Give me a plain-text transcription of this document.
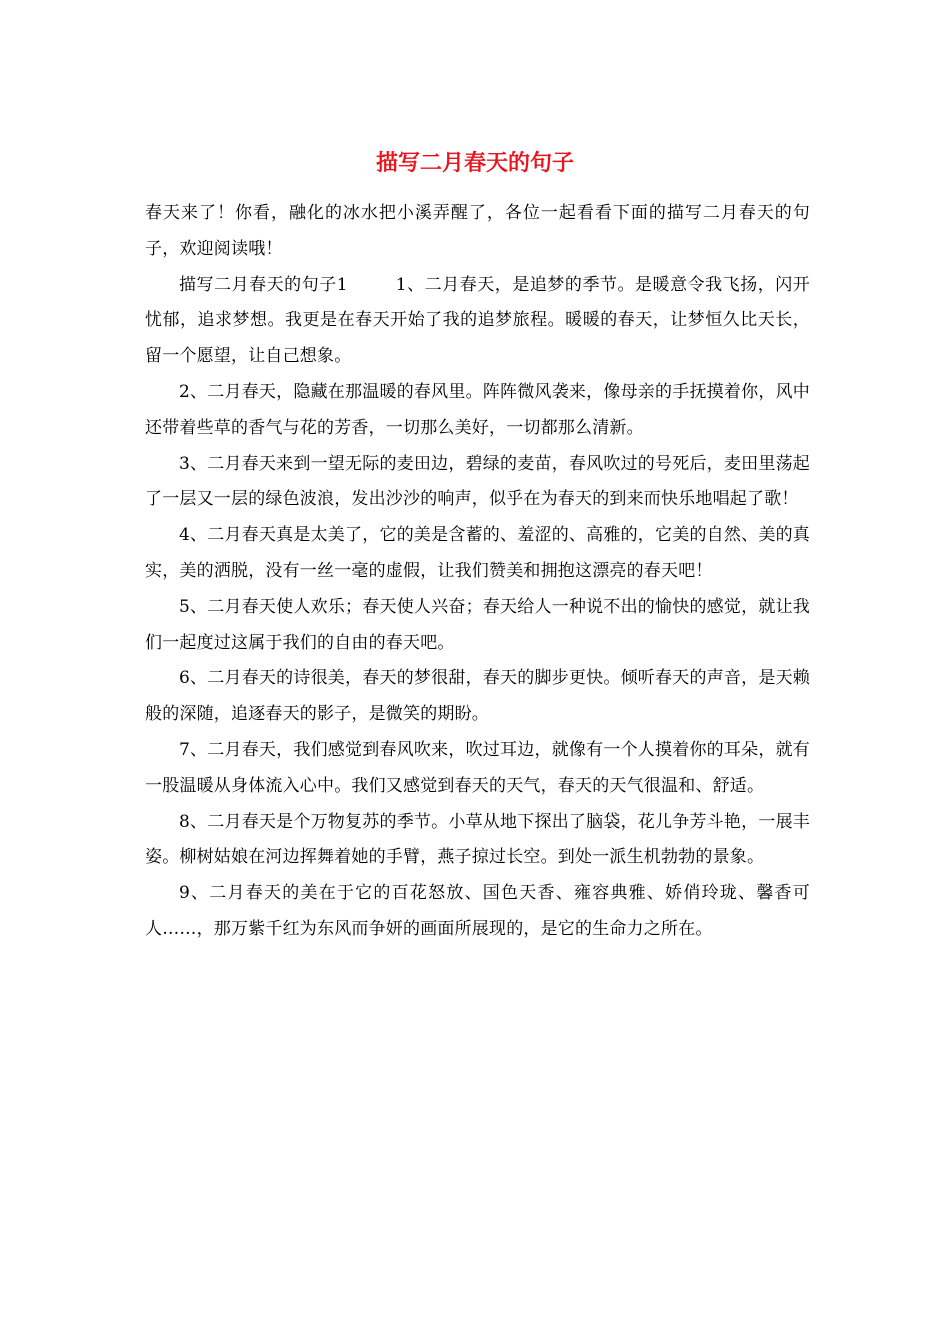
描写二月春天的句子

春天来了！你看，融化的冰水把小溪弄醒了，各位一起看看下面的描写二月春天的句子，欢迎阅读哦！

描写二月春天的句子1	1、二月春天，是追梦的季节。是暖意令我飞扬，闪开忧郁，追求梦想。我更是在春天开始了我的追梦旅程。暖暖的春天，让梦恒久比天长，留一个愿望，让自己想象。

2、二月春天，隐藏在那温暖的春风里。阵阵微风袭来，像母亲的手抚摸着你，风中还带着些草的香气与花的芳香，一切那么美好，一切都那么清新。

3、二月春天来到一望无际的麦田边，碧绿的麦苗，春风吹过的号死后，麦田里荡起了一层又一层的绿色波浪，发出沙沙的响声，似乎在为春天的到来而快乐地唱起了歌！

4、二月春天真是太美了，它的美是含蓄的、羞涩的、高雅的，它美的自然、美的真实，美的洒脱，没有一丝一毫的虚假，让我们赞美和拥抱这漂亮的春天吧！

5、二月春天使人欢乐；春天使人兴奋；春天给人一种说不出的愉快的感觉，就让我们一起度过这属于我们的自由的春天吧。

6、二月春天的诗很美，春天的梦很甜，春天的脚步更快。倾听春天的声音，是天赖般的深随，追逐春天的影子，是微笑的期盼。

7、二月春天，我们感觉到春风吹来，吹过耳边，就像有一个人摸着你的耳朵，就有一股温暖从身体流入心中。我们又感觉到春天的天气，春天的天气很温和、舒适。

8、二月春天是个万物复苏的季节。小草从地下探出了脑袋，花儿争芳斗艳，一展丰姿。柳树姑娘在河边挥舞着她的手臂，燕子掠过长空。到处一派生机勃勃的景象。

9、二月春天的美在于它的百花怒放、国色天香、雍容典雅、娇俏玲珑、馨香可人……，那万紫千红为东风而争妍的画面所展现的，是它的生命力之所在。
